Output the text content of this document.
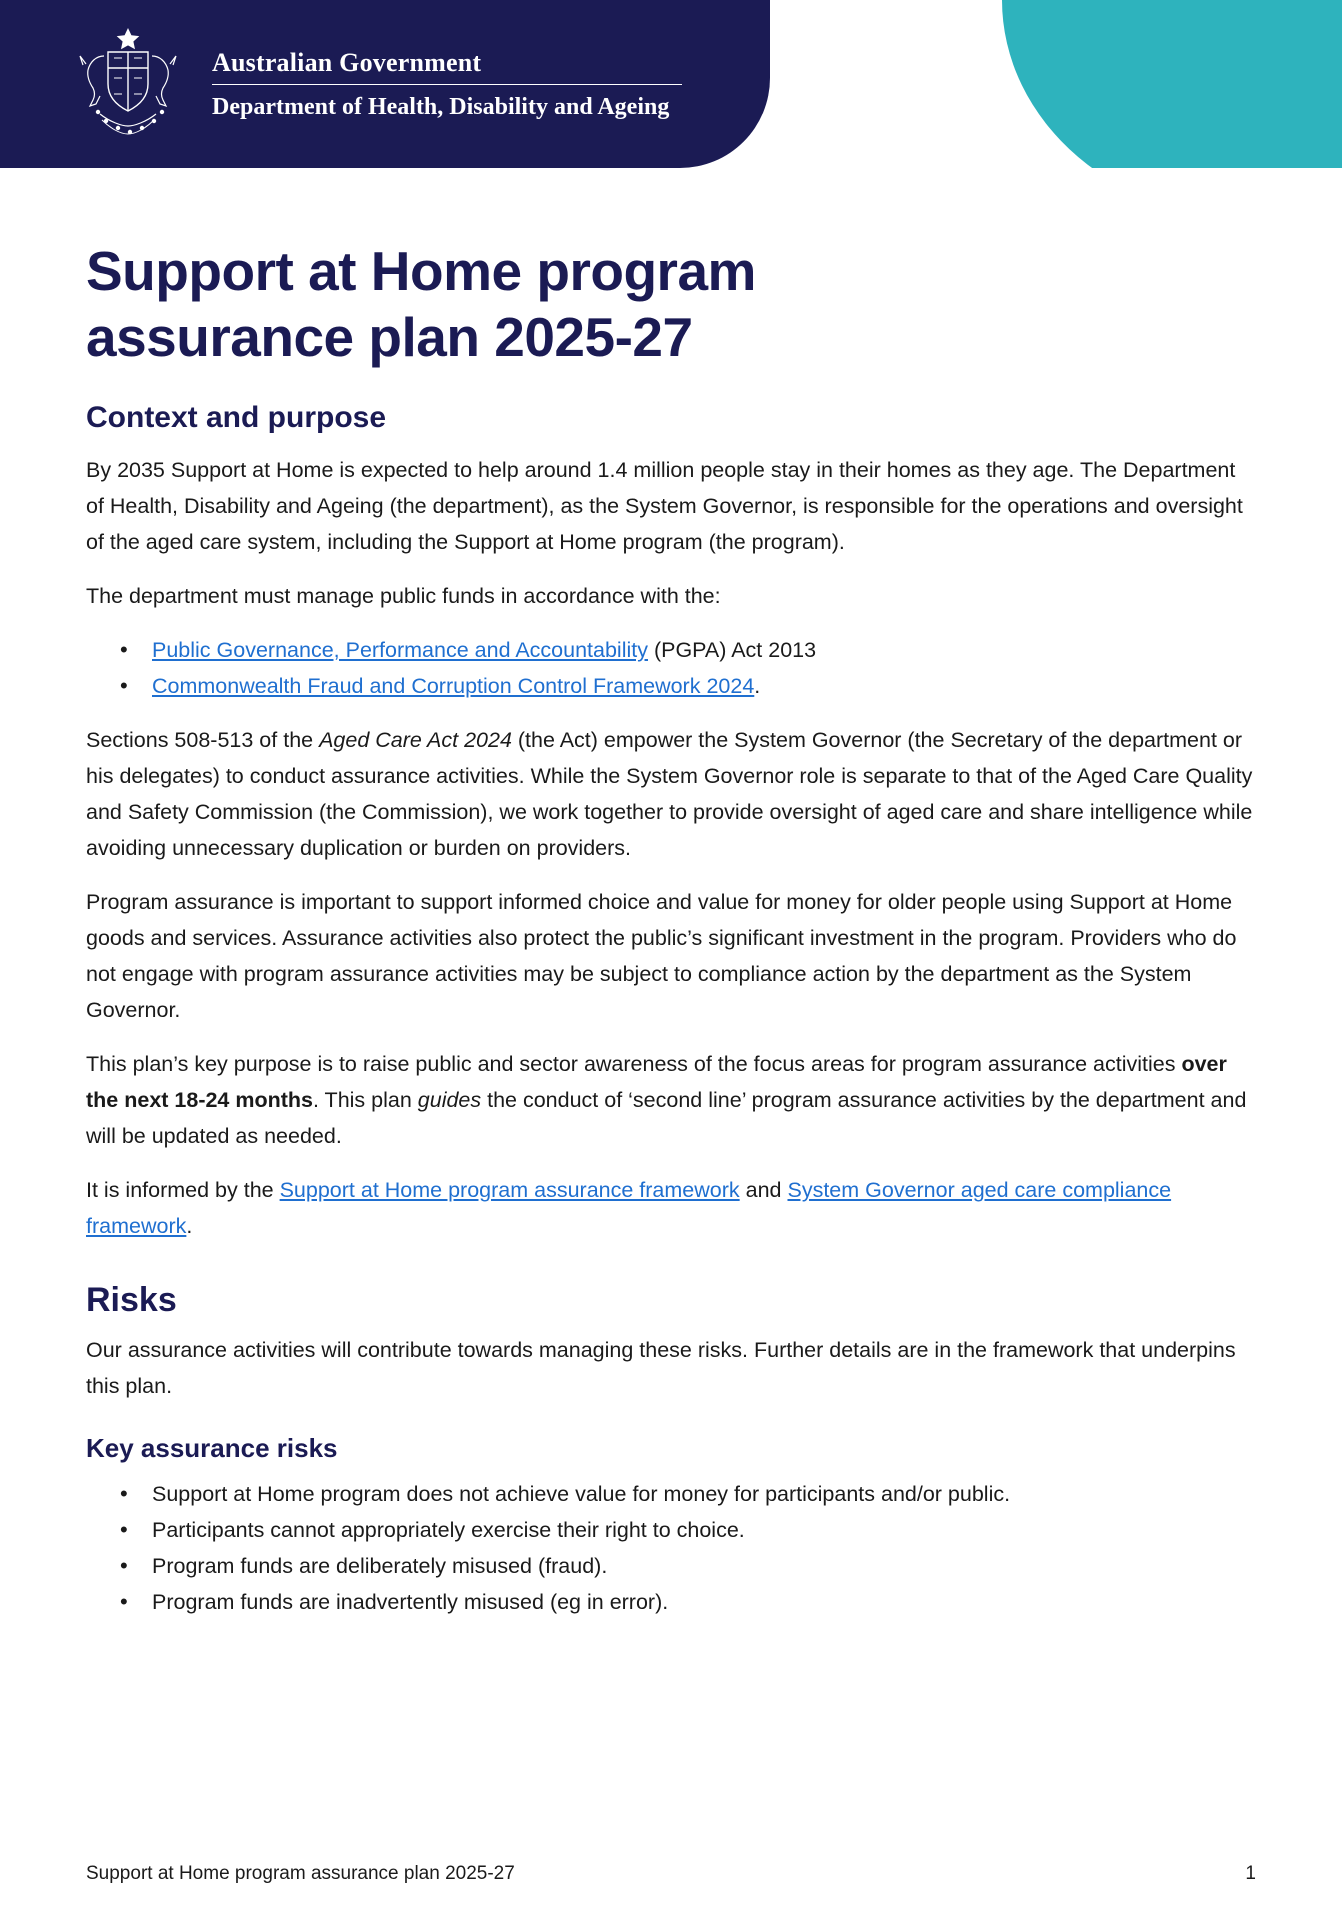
Australian Government
Department of Health, Disability and Ageing
Support at Home program assurance plan 2025-27
Context and purpose

By 2035 Support at Home is expected to help around 1.4 million people stay in their homes as they age. The Department of Health, Disability and Ageing (the department), as the System Governor, is responsible for the operations and oversight of the aged care system, including the Support at Home program (the program).

The department must manage public funds in accordance with the:

• Public Governance, Performance and Accountability (PGPA) Act 2013
• Commonwealth Fraud and Corruption Control Framework 2024.

Sections 508-513 of the Aged Care Act 2024 (the Act) empower the System Governor (the Secretary of the department or his delegates) to conduct assurance activities. While the System Governor role is separate to that of the Aged Care Quality and Safety Commission (the Commission), we work together to provide oversight of aged care and share intelligence while avoiding unnecessary duplication or burden on providers.

Program assurance is important to support informed choice and value for money for older people using Support at Home goods and services. Assurance activities also protect the public’s significant investment in the program. Providers who do not engage with program assurance activities may be subject to compliance action by the department as the System Governor.

This plan’s key purpose is to raise public and sector awareness of the focus areas for program assurance activities over the next 18-24 months. This plan guides the conduct of ‘second line’ program assurance activities by the department and will be updated as needed.

It is informed by the Support at Home program assurance framework and System Governor aged care compliance framework.

Risks

Our assurance activities will contribute towards managing these risks. Further details are in the framework that underpins this plan.

Key assurance risks
• Support at Home program does not achieve value for money for participants and/or public.
• Participants cannot appropriately exercise their right to choice.
• Program funds are deliberately misused (fraud).
• Program funds are inadvertently misused (eg in error).
Support at Home program assurance plan 2025-27	1
